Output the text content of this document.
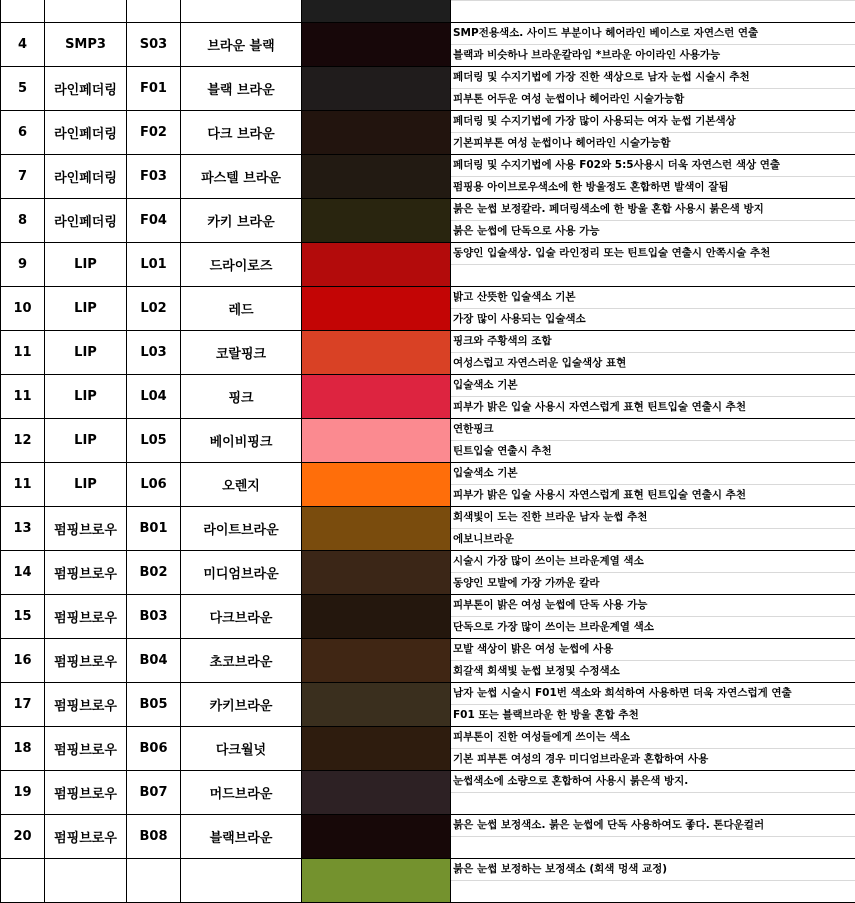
4	SMP3	S03	브라운 블랙		SMP전용색소. 사이드 부분이나 헤어라인 베이스로 자연스런 연출
블랙과 비슷하나 브라운칼라임 *브라운 아이라인 사용가능

5	라인페더링	F01	블랙 브라운		페더링 및 수지기법에 가장 진한 색상으로 남자 눈썹 시술시 추천
피부톤 어두운 여성 눈썹이나 헤어라인 시술가능함

6	라인페더링	F02	다크 브라운		페더링 및 수지기법에 가장 많이 사용되는 여자 눈썹 기본색상
기본피부톤 여성 눈썹이나 헤어라인 시술가능함

7	라인페더링	F03	파스텔 브라운		페더링 및 수지기법에 사용 F02와 5:5사용시 더욱 자연스런 색상 연출
펌핑용 아이브로우색소에 한 방울정도 혼합하면 발색이 잘됨

8	라인페더링	F04	카키 브라운		붉은 눈썹 보정칼라. 페더링색소에 한 방울 혼합 사용시 붉은색 방지
붉은 눈썹에 단독으로 사용 가능

9	LIP	L01	드라이로즈		동양인 입술색상. 입술 라인정리 또는 틴트입술 연출시 안쪽시술 추천

10	LIP	L02	레드		밝고 산뜻한 입술색소 기본
가장 많이 사용되는 입술색소

11	LIP	L03	코랄핑크		핑크와 주황색의 조합
여성스럽고 자연스러운 입술색상 표현

11	LIP	L04	핑크		입술색소 기본
피부가 밝은 입술 사용시 자연스럽게 표현 틴트입술 연출시 추천

12	LIP	L05	베이비핑크		연한핑크
틴트입술 연출시 추천

11	LIP	L06	오렌지		입술색소 기본
피부가 밝은 입술 사용시 자연스럽게 표현 틴트입술 연출시 추천

13	펌핑브로우	B01	라이트브라운		회색빛이 도는 진한 브라운 남자 눈썹 추천
에보니브라운

14	펌핑브로우	B02	미디엄브라운		시술시 가장 많이 쓰이는 브라운계열 색소
동양인 모발에 가장 가까운 칼라

15	펌핑브로우	B03	다크브라운		피부톤이 밝은 여성 눈썹에 단독 사용 가능
단독으로 가장 많이 쓰이는 브라운계열 색소

16	펌핑브로우	B04	초코브라운		모발 색상이 밝은 여성 눈썹에 사용
회갈색 회색빛 눈썹 보정및 수정색소

17	펌핑브로우	B05	카키브라운		남자 눈썹 시술시 F01번 색소와 희석하여 사용하면 더욱 자연스럽게 연출
F01 또는 블랙브라운 한 방울 혼합 추천

18	펌핑브로우	B06	다크월넛		피부톤이 진한 여성들에게 쓰이는 색소
기본 피부톤 여성의 경우 미디엄브라운과 혼합하여 사용

19	펌핑브로우	B07	머드브라운		눈썹색소에 소량으로 혼합하여 사용시 붉은색 방지.

20	펌핑브로우	B08	블랙브라운		붉은 눈썹 보정색소. 붉은 눈썹에 단독 사용하여도 좋다. 톤다운컬러

					붉은 눈썹 보정하는 보정색소 (회색 멍색 교정)
